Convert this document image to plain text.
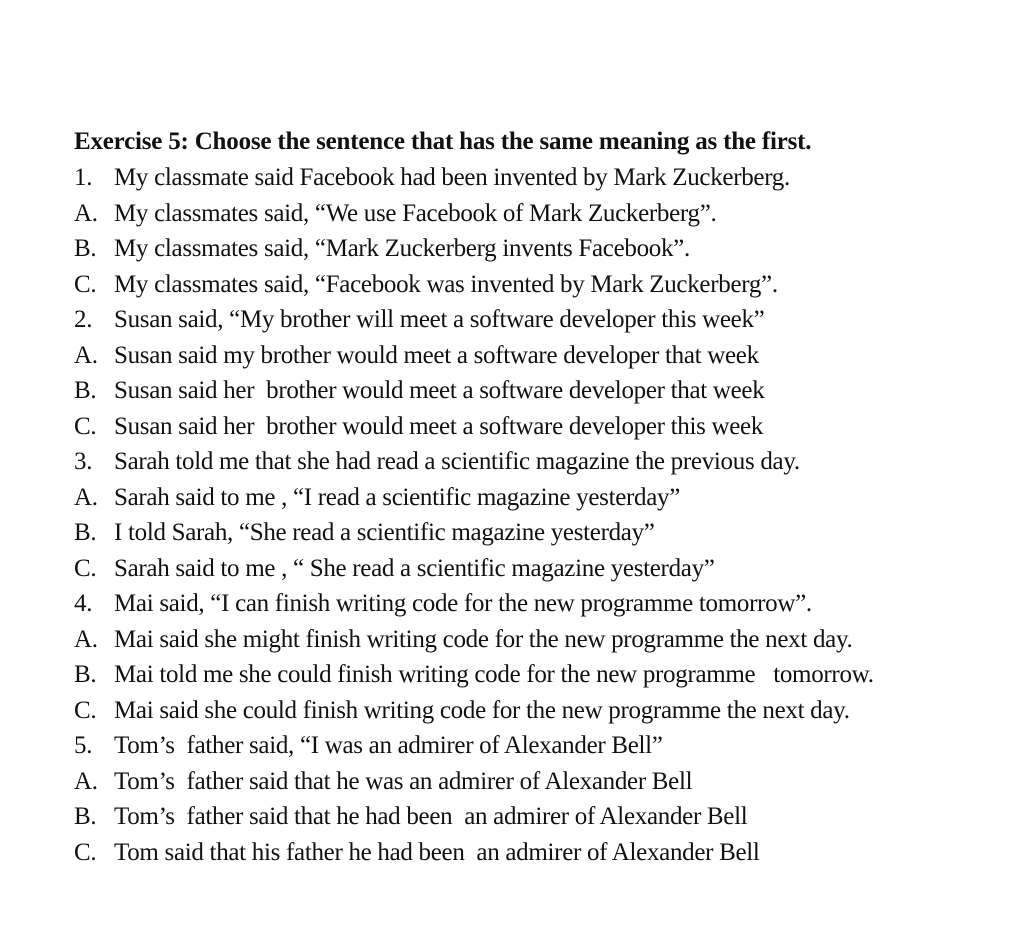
Exercise 5: Choose the sentence that has the same meaning as the first.
1. My classmate said Facebook had been invented by Mark Zuckerberg.
A. My classmates said, “We use Facebook of Mark Zuckerberg”.
B. My classmates said, “Mark Zuckerberg invents Facebook”.
C. My classmates said, “Facebook was invented by Mark Zuckerberg”.
2. Susan said, “My brother will meet a software developer this week”
A. Susan said my brother would meet a software developer that week
B. Susan said her  brother would meet a software developer that week
C. Susan said her  brother would meet a software developer this week
3. Sarah told me that she had read a scientific magazine the previous day.
A. Sarah said to me , “I read a scientific magazine yesterday”
B. I told Sarah, “She read a scientific magazine yesterday”
C. Sarah said to me , “ She read a scientific magazine yesterday”
4. Mai said, “I can finish writing code for the new programme tomorrow”.
A. Mai said she might finish writing code for the new programme the next day.
B. Mai told me she could finish writing code for the new programme   tomorrow.
C. Mai said she could finish writing code for the new programme the next day.
5. Tom’s  father said, “I was an admirer of Alexander Bell”
A. Tom’s  father said that he was an admirer of Alexander Bell
B. Tom’s  father said that he had been  an admirer of Alexander Bell
C. Tom said that his father he had been  an admirer of Alexander Bell
